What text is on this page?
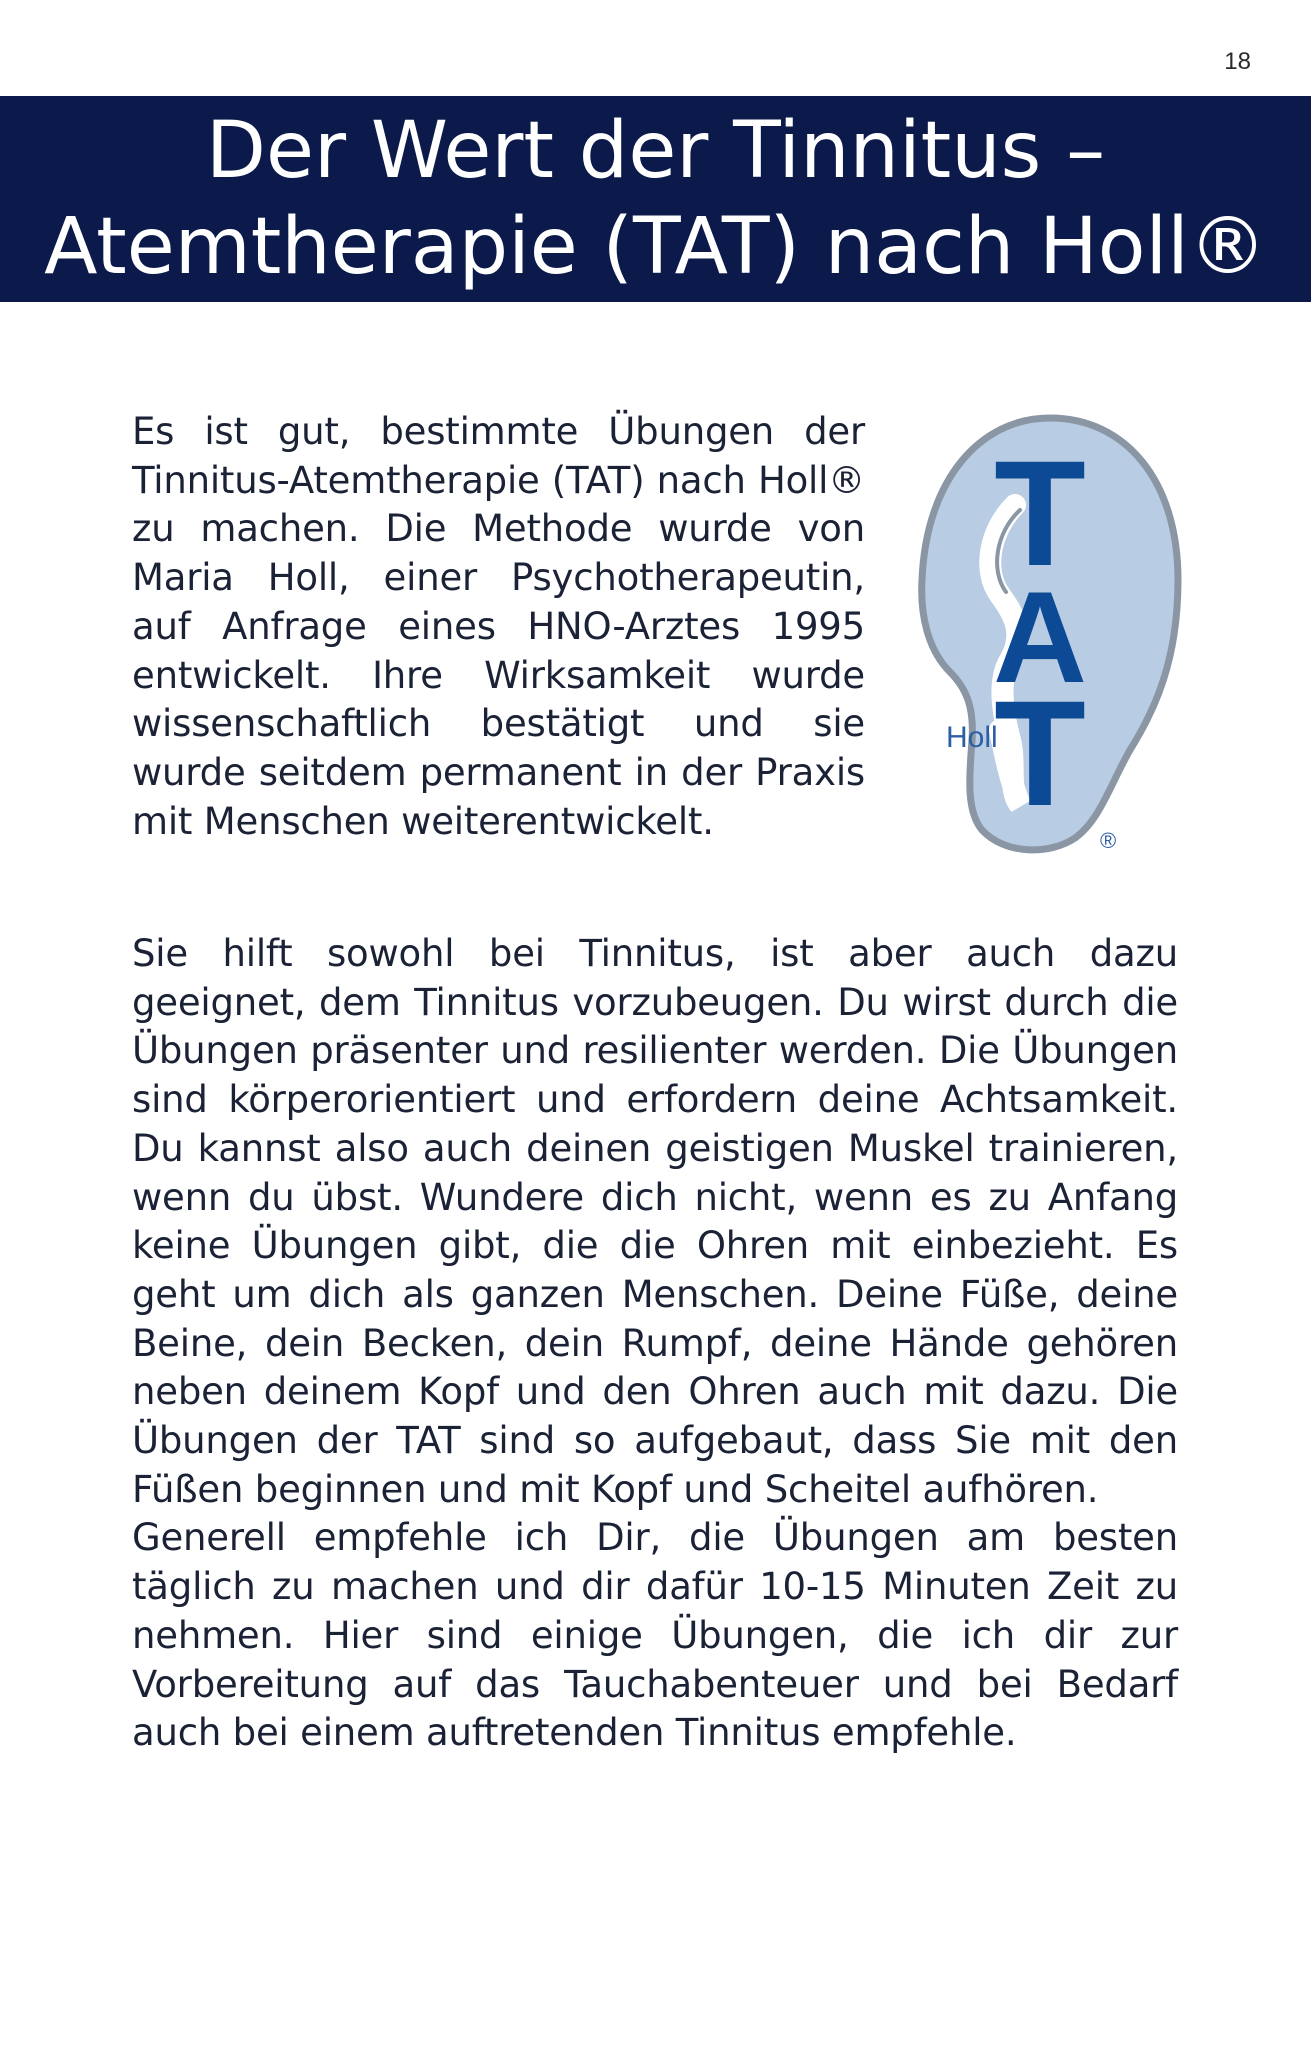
18
Der Wert der Tinnitus –
Atemtherapie (TAT) nach Holl®

Es ist gut, bestimmte Übungen der Tinnitus-Atemtherapie (TAT) nach Holl® zu machen. Die Methode wurde von Maria Holl, einer Psychotherapeutin, auf Anfrage eines HNO-Arztes 1995 entwickelt. Ihre Wirksamkeit wurde wissenschaftlich bestätigt und sie wurde seitdem permanent in der Praxis mit Menschen weiterentwickelt.

T
A
T
Holl
®
Sie hilft sowohl bei Tinnitus, ist aber auch dazu geeignet, dem Tinnitus vorzubeugen. Du wirst durch die Übungen präsenter und resilienter werden. Die Übungen sind körperorientiert und erfordern deine Achtsamkeit. Du kannst also auch deinen geistigen Muskel trainieren, wenn du übst. Wundere dich nicht, wenn es zu Anfang keine Übungen gibt, die die Ohren mit einbezieht. Es geht um dich als ganzen Menschen. Deine Füße, deine Beine, dein Becken, dein Rumpf, deine Hände gehören neben deinem Kopf und den Ohren auch mit dazu. Die Übungen der TAT sind so aufgebaut, dass Sie mit den Füßen beginnen und mit Kopf und Scheitel aufhören.
Generell empfehle ich Dir, die Übungen am besten täglich zu machen und dir dafür 10-15 Minuten Zeit zu nehmen. Hier sind einige Übungen, die ich dir zur Vorbereitung auf das Tauchabenteuer und bei Bedarf auch bei einem auftretenden Tinnitus empfehle.
